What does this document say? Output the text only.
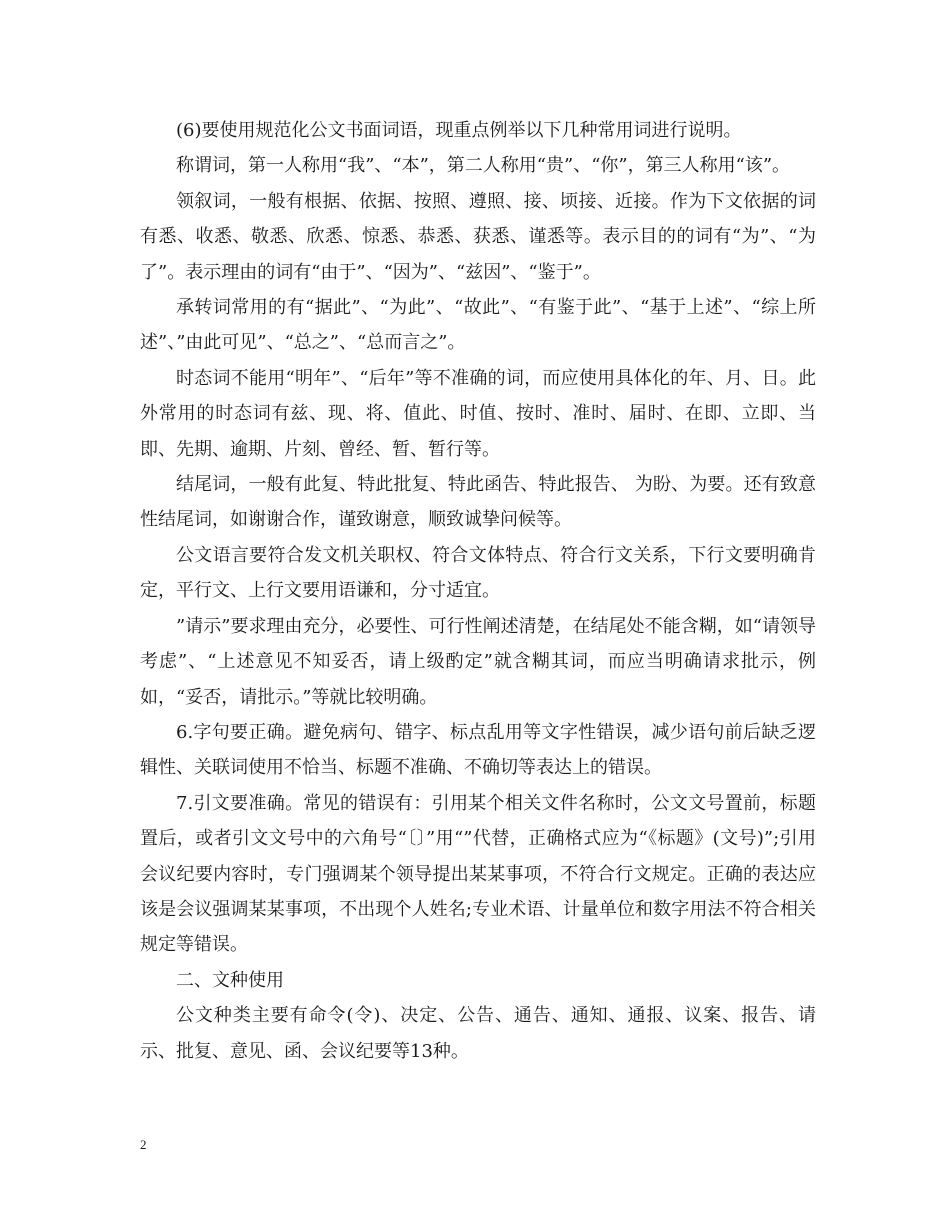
(6)要使用规范化公文书面词语，现重点例举以下几种常用词进行说明。

称谓词，第一人称用“我”、“本”，第二人称用“贵”、“你”，第三人称用“该”。

领叙词，一般有根据、依据、按照、遵照、接、顷接、近接。作为下文依据的词有悉、收悉、敬悉、欣悉、惊悉、恭悉、获悉、谨悉等。表示目的的词有“为”、“为了”。表示理由的词有“由于”、“因为”、“兹因”、“鉴于”。

承转词常用的有“据此”、“为此”、“故此”、“有鉴于此”、“基于上述”、“综上所述”、”由此可见”、“总之”、“总而言之”。

时态词不能用“明年”、“后年”等不准确的词，而应使用具体化的年、月、日。此外常用的时态词有兹、现、将、值此、时值、按时、准时、届时、在即、立即、当即、先期、逾期、片刻、曾经、暂、暂行等。

结尾词，一般有此复、特此批复、特此函告、特此报告、 为盼、为要。还有致意性结尾词，如谢谢合作，谨致谢意，顺致诚挚问候等。

公文语言要符合发文机关职权、符合文体特点、符合行文关系，下行文要明确肯定，平行文、上行文要用语谦和，分寸适宜。

”请示”要求理由充分，必要性、可行性阐述清楚，在结尾处不能含糊，如“请领导考虑”、“上述意见不知妥否，请上级酌定”就含糊其词，而应当明确请求批示，例如，“妥否，请批示。”等就比较明确。

6.字句要正确。避免病句、错字、标点乱用等文字性错误，减少语句前后缺乏逻辑性、关联词使用不恰当、标题不准确、不确切等表达上的错误。

7.引文要准确。常见的错误有：引用某个相关文件名称时，公文文号置前，标题置后，或者引文文号中的六角号“〔〕”用“”代替，正确格式应为“《标题》(文号)”;引用会议纪要内容时，专门强调某个领导提出某某事项，不符合行文规定。正确的表达应该是会议强调某某事项，不出现个人姓名;专业术语、计量单位和数字用法不符合相关规定等错误。

二、文种使用

公文种类主要有命令(令)、决定、公告、通告、通知、通报、议案、报告、请示、批复、意见、函、会议纪要等13种。

2
